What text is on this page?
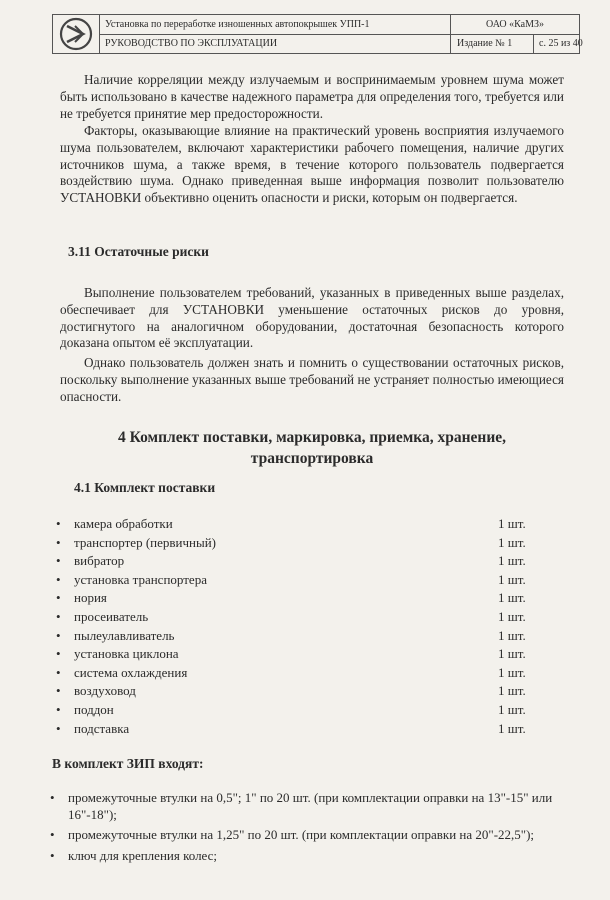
Установка по переработке изношенных автопокрышек УПП-1	ОАО «КаМЗ»
РУКОВОДСТВО ПО ЭКСПЛУАТАЦИИ	Издание № 1	с. 25 из 40
Наличие корреляции между излучаемым и воспринимаемым уровнем шума может быть использовано в качестве надежного параметра для определения того, требуется или не требуется принятие мер предосторожности.
Факторы, оказывающие влияние на практический уровень восприятия излучаемого шума пользователем, включают характеристики рабочего помещения, наличие других источников шума, а также время, в течение которого пользователь подвергается воздействию шума. Однако приведенная выше информация позволит пользователю УСТАНОВКИ объективно оценить опасности и риски, которым он подвергается.
3.11 Остаточные риски
Выполнение пользователем требований, указанных в приведенных выше разделах, обеспечивает для УСТАНОВКИ уменьшение остаточных рисков до уровня, достигнутого на аналогичном оборудовании, достаточная безопасность которого доказана опытом её эксплуатации.
Однако пользователь должен знать и помнить о существовании остаточных рисков, поскольку выполнение указанных выше требований не устраняет полностью имеющиеся опасности.
4 Комплект поставки, маркировка, приемка, хранение,
транспортировка
4.1 Комплект поставки
• камера обработки	1 шт.
• транспортер (первичный)	1 шт.
• вибратор	1 шт.
• установка транспортера	1 шт.
• нория	1 шт.
• просеиватель	1 шт.
• пылеулавливатель	1 шт.
• установка циклона	1 шт.
• система охлаждения	1 шт.
• воздуховод	1 шт.
• поддон	1 шт.
• подставка	1 шт.
В комплект ЗИП входят:
• промежуточные втулки на 0,5"; 1" по 20 шт. (при комплектации оправки на 13"-15" или 16"-18");
• промежуточные втулки на 1,25" по 20 шт. (при комплектации оправки на 20"-22,5");
• ключ для крепления колес;
